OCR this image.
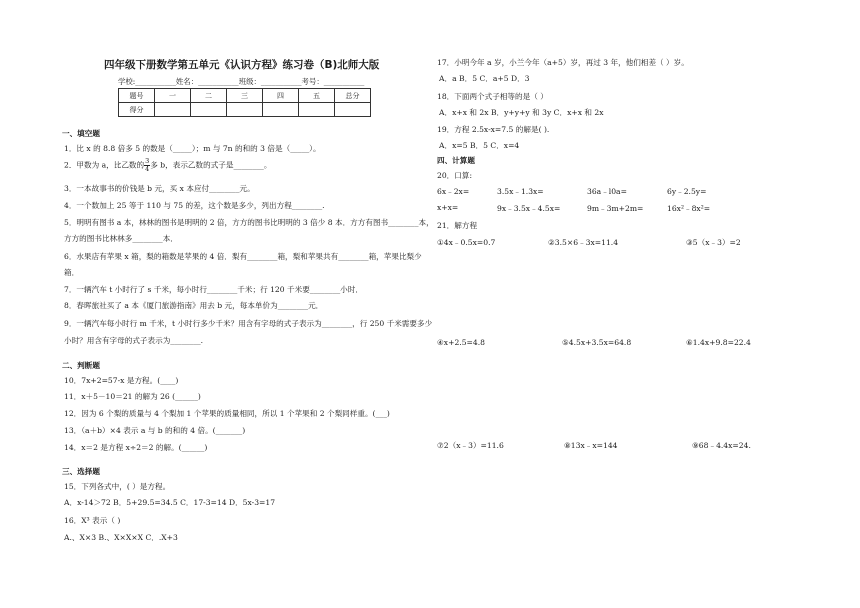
四年级下册数学第五单元《认识方程》练习卷（B)北师大版
学校:___________姓名：___________班级：___________考号：___________
题号	一	二	三	四	五	总分
得分						
一、填空题
1．比 x 的 8.8 倍多 5 的数是（_____）；m 与 7n 的和的 3 倍是（_____）。
2．甲数为 a，比乙数的 $\frac{3}{4}$ 多 b，表示乙数的式子是________。
3．一本故事书的价钱是 b 元，买 x 本应付________元。
4．一个数加上 25 等于 110 与 75 的差，这个数是多少，列出方程________.
5．明明有图书 a 本，林林的图书是明明的 2 倍，方方的图书比明明的 3 倍少 8 本．方方有图书________本，
方方的图书比林林多________本．
6．水果店有苹果 x 箱，梨的箱数是苹果的 4 倍．梨有________箱，梨和苹果共有________箱，苹果比梨少
箱．
7．一辆汽车 t 小时行了 s 千米，每小时行________千米；行 120 千米要________小时．
8．春晖旅社买了 a 本《厦门旅游指南》用去 b 元，每本单价为________元．
9．一辆汽车每小时行 m 千米，t 小时行多少千米？用含有字母的式子表示为________，行 250 千米需要多少
小时？用含有字母的式子表示为________.
二、判断题
10．7x+2=57-x 是方程。(____)
11．x＋5－10＝21 的解为 26 (______)
12．因为 6 个梨的质量与 4 个梨加 1 个苹果的质量相同，所以 1 个苹果和 2 个梨同样重。(___)
13．（a＋b）×4 表示 a 与 b 的和的 4 倍。(_______)
14．x＝2 是方程 x÷2＝2 的解。(______)
三、选择题
15．下列各式中，( ）是方程。
A．x-14＞72 B．5+29.5=34.5 C．17-3=14 D．5x-3=17
16．X³ 表示（ )
A.、X×3 B.、X×X×X C．.X+3
17．小明今年 a 岁，小兰今年（a+5）岁，再过 3 年，他们相差（ ）岁。
A．a B．5 C．a+5 D．3
18．下面两个式子相等的是（ ）
A．x+x 和 2x B．y+y+y 和 3y C．x+x 和 2x
19．方程 2.5x-x=7.5 的解是( ).
A．x=5 B．5 C．x=4
四、计算题
20．口算:
6x﹣2x=	3.5x﹣1.3x=	36a﹣l0a=	6y﹣2.5y=
x+x=	9x﹣3.5x﹣4.5x=	9m﹣3m+2m=	16x²﹣8x²=
21．解方程
①4x﹣0.5x=0.7	②3.5×6﹣3x=11.4	③5（x﹣3）=2
④x+2.5=4.8	⑤4.5x+3.5x=64.8	⑥1.4x+9.8=22.4
⑦2（x﹣3）=11.6	⑧13x﹣x=144	⑨68﹣4.4x=24.
